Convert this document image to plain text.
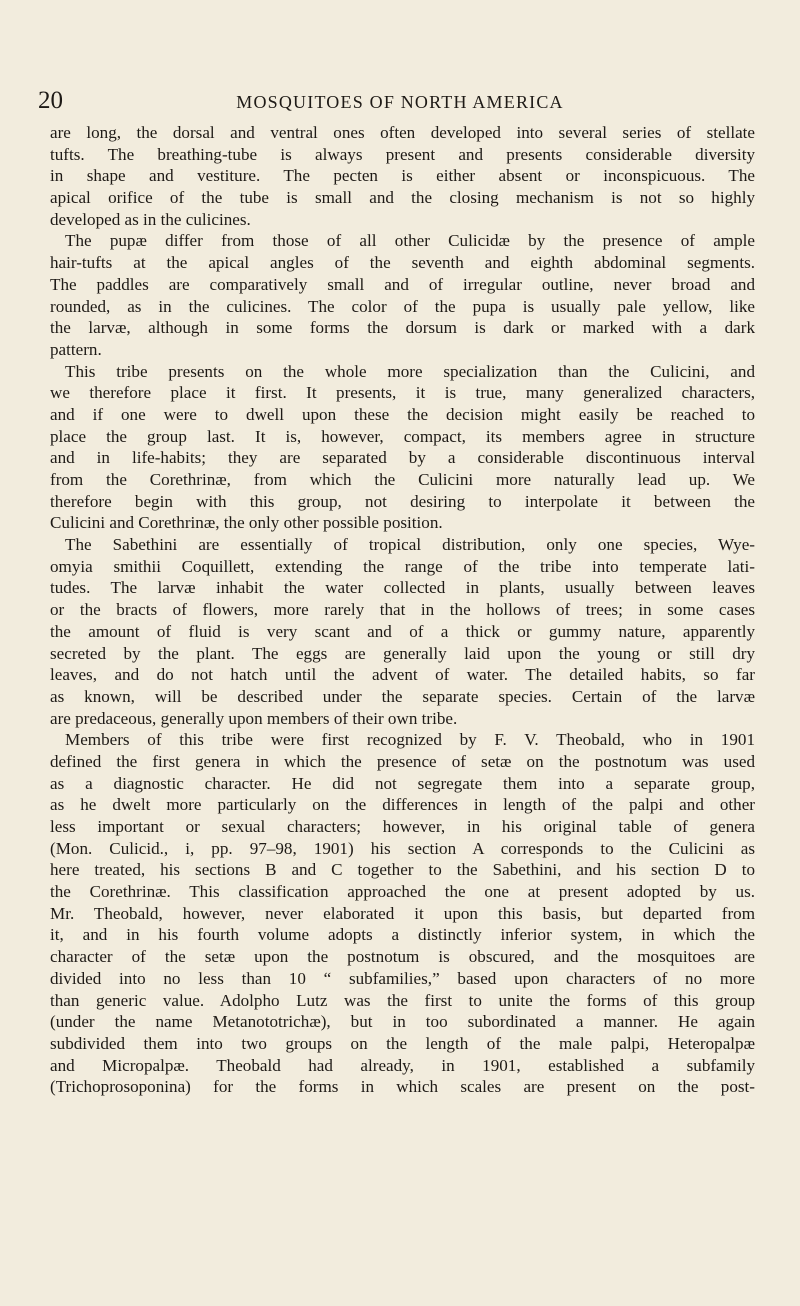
20	MOSQUITOES OF NORTH AMERICA
are long, the dorsal and ventral ones often developed into several series of stellate
tufts. The breathing-tube is always present and presents considerable diversity
in shape and vestiture. The pecten is either absent or inconspicuous. The
apical orifice of the tube is small and the closing mechanism is not so highly
developed as in the culicines.
The pupæ differ from those of all other Culicidæ by the presence of ample
hair-tufts at the apical angles of the seventh and eighth abdominal segments.
The paddles are comparatively small and of irregular outline, never broad and
rounded, as in the culicines. The color of the pupa is usually pale yellow, like
the larvæ, although in some forms the dorsum is dark or marked with a dark
pattern.
This tribe presents on the whole more specialization than the Culicini, and
we therefore place it first. It presents, it is true, many generalized characters,
and if one were to dwell upon these the decision might easily be reached to
place the group last. It is, however, compact, its members agree in structure
and in life-habits; they are separated by a considerable discontinuous interval
from the Corethrinæ, from which the Culicini more naturally lead up. We
therefore begin with this group, not desiring to interpolate it between the
Culicini and Corethrinæ, the only other possible position.
The Sabethini are essentially of tropical distribution, only one species, Wye-
omyia smithii Coquillett, extending the range of the tribe into temperate lati-
tudes. The larvæ inhabit the water collected in plants, usually between leaves
or the bracts of flowers, more rarely that in the hollows of trees; in some cases
the amount of fluid is very scant and of a thick or gummy nature, apparently
secreted by the plant. The eggs are generally laid upon the young or still dry
leaves, and do not hatch until the advent of water. The detailed habits, so far
as known, will be described under the separate species. Certain of the larvæ
are predaceous, generally upon members of their own tribe.
Members of this tribe were first recognized by F. V. Theobald, who in 1901
defined the first genera in which the presence of setæ on the postnotum was used
as a diagnostic character. He did not segregate them into a separate group,
as he dwelt more particularly on the differences in length of the palpi and other
less important or sexual characters; however, in his original table of genera
(Mon. Culicid., i, pp. 97–98, 1901) his section A corresponds to the Culicini as
here treated, his sections B and C together to the Sabethini, and his section D to
the Corethrinæ. This classification approached the one at present adopted by us.
Mr. Theobald, however, never elaborated it upon this basis, but departed from
it, and in his fourth volume adopts a distinctly inferior system, in which the
character of the setæ upon the postnotum is obscured, and the mosquitoes are
divided into no less than 10 “ subfamilies,” based upon characters of no more
than generic value. Adolpho Lutz was the first to unite the forms of this group
(under the name Metanototrichæ), but in too subordinated a manner. He again
subdivided them into two groups on the length of the male palpi, Heteropalpæ
and Micropalpæ. Theobald had already, in 1901, established a subfamily
(Trichoprosoponina) for the forms in which scales are present on the post-
